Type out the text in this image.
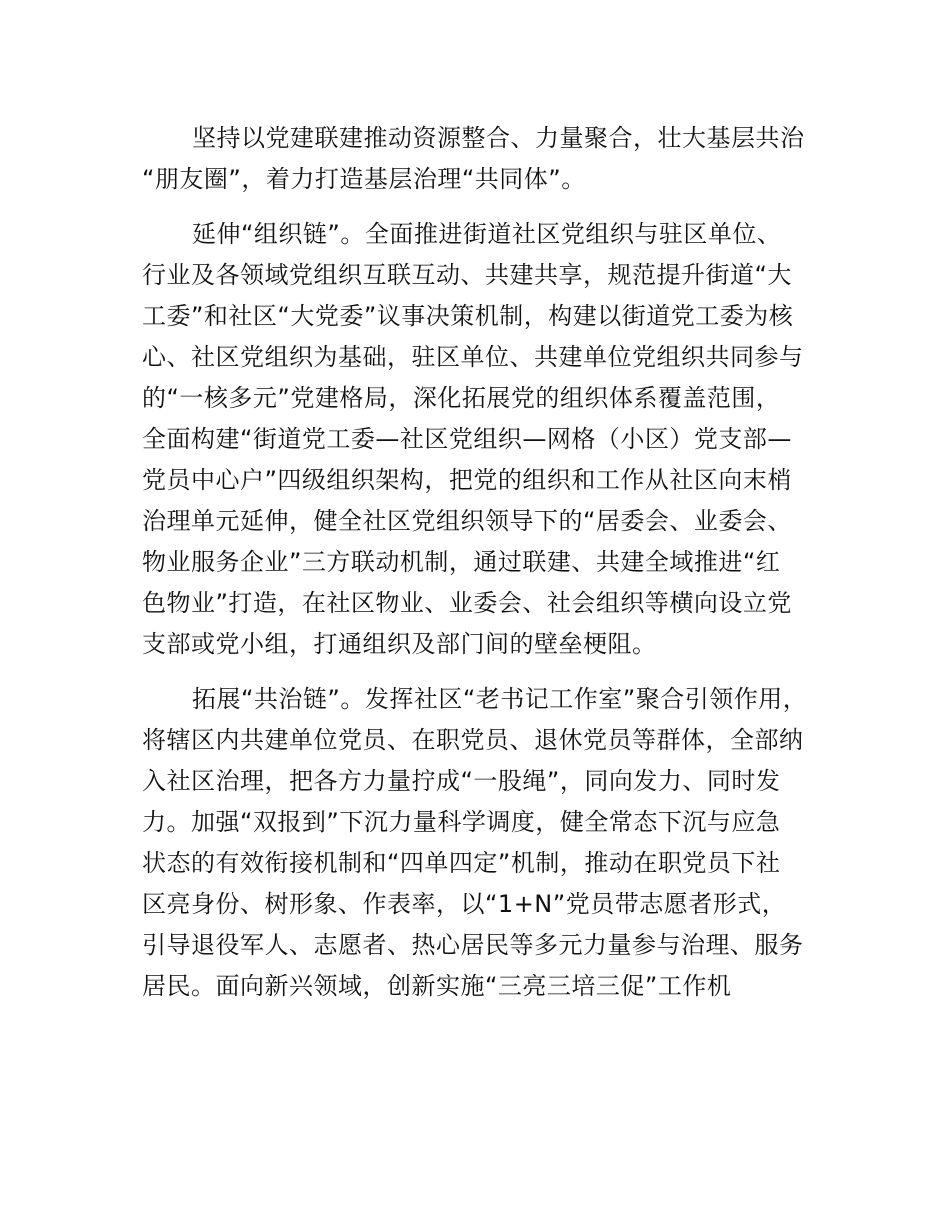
坚持以党建联建推动资源整合、力量聚合，壮大基层共治
“朋友圈”，着力打造基层治理“共同体”。

延伸“组织链”。全面推进街道社区党组织与驻区单位、
行业及各领域党组织互联互动、共建共享，规范提升街道“大
工委”和社区“大党委”议事决策机制，构建以街道党工委为核
心、社区党组织为基础，驻区单位、共建单位党组织共同参与
的“一核多元”党建格局，深化拓展党的组织体系覆盖范围，
全面构建“街道党工委—社区党组织—网格（小区）党支部—
党员中心户”四级组织架构，把党的组织和工作从社区向末梢
治理单元延伸，健全社区党组织领导下的“居委会、业委会、
物业服务企业”三方联动机制，通过联建、共建全域推进“红
色物业”打造，在社区物业、业委会、社会组织等横向设立党
支部或党小组，打通组织及部门间的壁垒梗阻。

拓展“共治链”。发挥社区“老书记工作室”聚合引领作用，
将辖区内共建单位党员、在职党员、退休党员等群体，全部纳
入社区治理，把各方力量拧成“一股绳”，同向发力、同时发
力。加强“双报到”下沉力量科学调度，健全常态下沉与应急
状态的有效衔接机制和“四单四定”机制，推动在职党员下社
区亮身份、树形象、作表率，以“1+N”党员带志愿者形式，
引导退役军人、志愿者、热心居民等多元力量参与治理、服务
居民。面向新兴领域，创新实施“三亮三培三促”工作机
